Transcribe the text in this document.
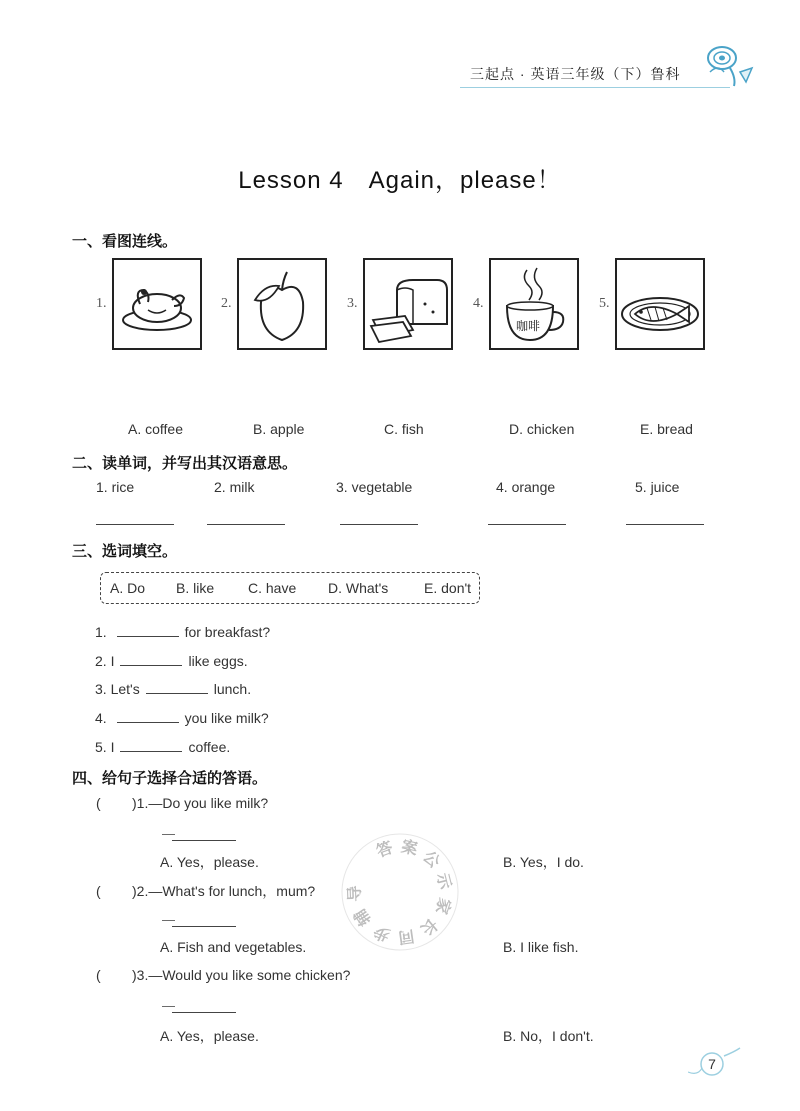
三起点 · 英语三年级（下）鲁科
Lesson 4　Again，please！
一、看图连线。
1.	2.	3.	4.
咖啡
5.
A. coffee	B. apple	C. fish	D. chicken	E. bread
二、读单词，并写出其汉语意思。
1. rice	2. milk	3. vegetable	4. orange	5. juice
三、选词填空。
A. Do B. like C. have D. What's	E. don't
1.	for breakfast?
2. I	like eggs.
3. Let's	lunch.
4.	you like milk?
5. I	coffee.
四、给句子选择合适的答语。
( )1.—Do you like milk?
—
A. Yes，please.	B. Yes，I do.
( )2.—What's for lunch，mum?
—
A. Fish and vegetables.	B. I like fish.
( )3.—Would you like some chicken?
—
A. Yes，please.	B. No，I don't.
答 案 公
示
家
长
同
步
辅
导
7
